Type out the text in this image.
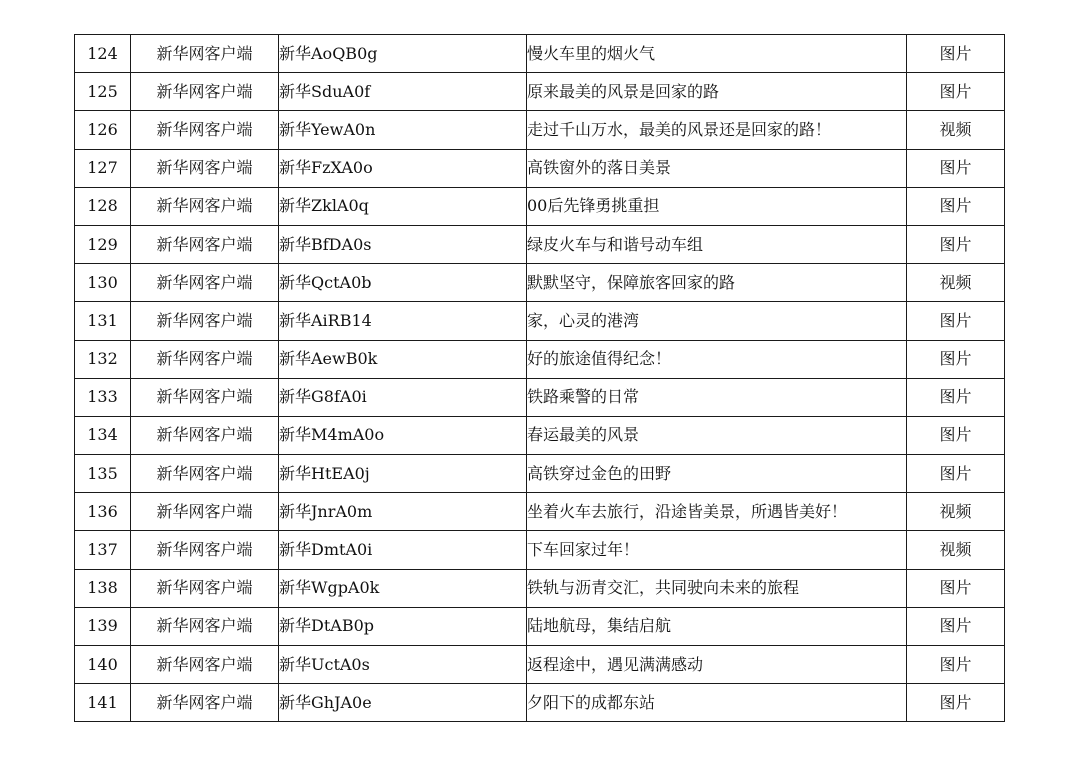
124	新华网客户端	新华AoQB0g	慢火车里的烟火气	图片
125	新华网客户端	新华SduA0f	原来最美的风景是回家的路	图片
126	新华网客户端	新华YewA0n	走过千山万水，最美的风景还是回家的路！	视频
127	新华网客户端	新华FzXA0o	高铁窗外的落日美景	图片
128	新华网客户端	新华ZklA0q	00后先锋勇挑重担	图片
129	新华网客户端	新华BfDA0s	绿皮火车与和谐号动车组	图片
130	新华网客户端	新华QctA0b	默默坚守，保障旅客回家的路	视频
131	新华网客户端	新华AiRB14	家，心灵的港湾	图片
132	新华网客户端	新华AewB0k	好的旅途值得纪念！	图片
133	新华网客户端	新华G8fA0i	铁路乘警的日常	图片
134	新华网客户端	新华M4mA0o	春运最美的风景	图片
135	新华网客户端	新华HtEA0j	高铁穿过金色的田野	图片
136	新华网客户端	新华JnrA0m	坐着火车去旅行，沿途皆美景，所遇皆美好！	视频
137	新华网客户端	新华DmtA0i	下车回家过年！	视频
138	新华网客户端	新华WgpA0k	铁轨与沥青交汇，共同驶向未来的旅程	图片
139	新华网客户端	新华DtAB0p	陆地航母，集结启航	图片
140	新华网客户端	新华UctA0s	返程途中，遇见满满感动	图片
141	新华网客户端	新华GhJA0e	夕阳下的成都东站	图片
